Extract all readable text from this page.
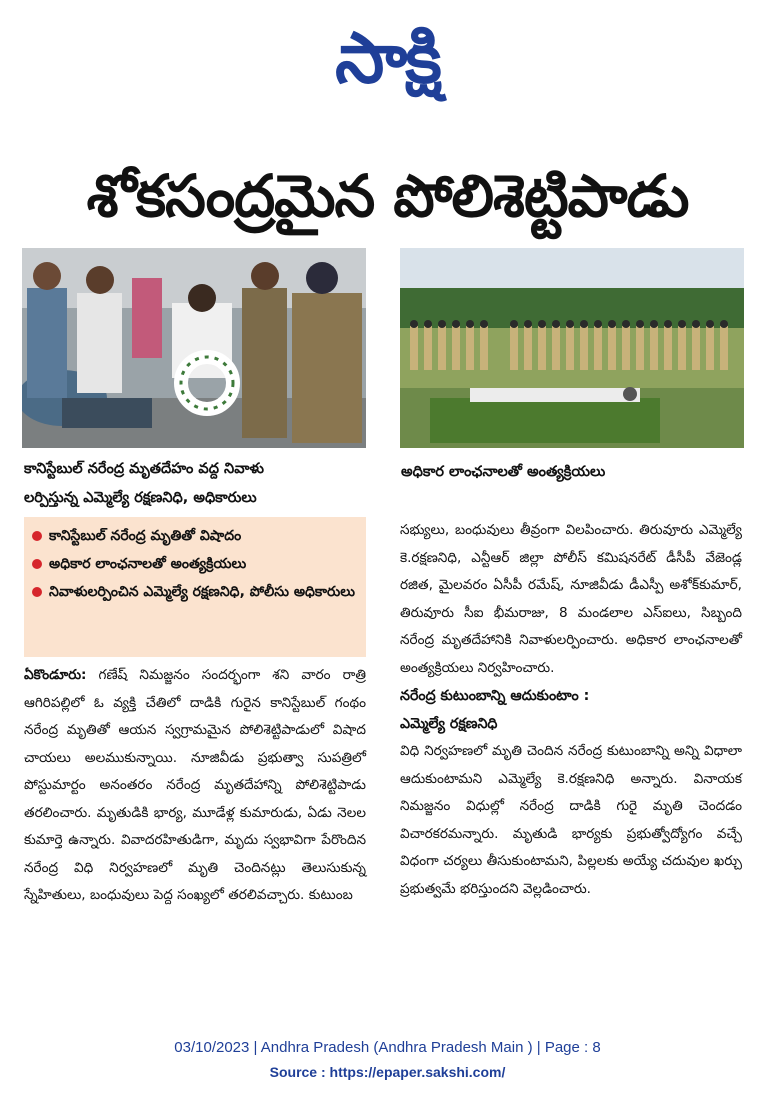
సాక్షి
శోకసంద్రమైన పోలిశెట్టిపాడు
కానిస్టేబుల్ నరేంద్ర మృతదేహం వద్ద నివాళు
లర్పిస్తున్న ఎమ్మెల్యే రక్షణనిధి, అధికారులు
అధికార లాంఛనాలతో అంత్యక్రియలు
కానిస్టేబుల్ నరేంద్ర మృతితో విషాదం
అధికార లాంఛనాలతో అంత్యక్రియలు
నివాళులర్పించిన ఎమ్మెల్యే రక్షణనిధి, పోలీసు అధికారులు
ఏకొండూరు: గణేష్ నిమజ్జనం సందర్భంగా శని వారం రాత్రి ఆగిరిపల్లిలో ఓ వ్యక్తి చేతిలో దాడికి గురైన కానిస్టేబుల్ గంథం నరేంద్ర మృతితో ఆయన స్వగ్రామమైన పోలిశెట్టిపాడులో విషాద చాయలు అలముకున్నాయి. నూజివీడు ప్రభుత్వా సుపత్రిలో పోస్టుమార్టం అనంతరం నరేంద్ర మృతదేహాన్ని పోలిశెట్టిపాడు తరలించారు. మృతుడికి భార్య, మూడేళ్ల కుమారుడు, ఏడు నెలల కుమార్తె ఉన్నారు. వివాదరహితుడిగా, మృదు స్వభావిగా పేరొందిన నరేంద్ర విధి నిర్వహణలో మృతి చెందినట్లు తెలుసుకున్న స్నేహితులు, బంధువులు పెద్ద సంఖ్యలో తరలివచ్చారు. కుటుంబ
సభ్యులు, బంధువులు తీవ్రంగా విలపించారు. తిరువూరు ఎమ్మెల్యే కె.రక్షణనిధి, ఎన్టీఆర్ జిల్లా పోలీస్ కమిషనరేట్ డీసీపీ వేజెండ్ల రజిత, మైలవరం ఏసీపీ రమేష్, నూజివీడు డీఎస్పీ అశోక్‌కుమార్, తిరువూరు సీఐ భీమరాజు, 8 మండలాల ఎస్ఐలు, సిబ్బంది నరేంద్ర మృతదేహానికి నివాళులర్పించారు. అధికార లాంఛనాలతో అంత్యక్రియలు నిర్వహించారు.
నరేంద్ర కుటుంబాన్ని ఆదుకుంటాం :
ఎమ్మెల్యే రక్షణనిధి
విధి నిర్వహణలో మృతి చెందిన నరేంద్ర కుటుంబాన్ని అన్ని విధాలా ఆదుకుంటామని ఎమ్మెల్యే కె.రక్షణనిధి అన్నారు. వినాయక నిమజ్జనం విధుల్లో నరేంద్ర దాడికి గురై మృతి చెందడం విచారకరమన్నారు. మృతుడి భార్యకు ప్రభుత్వోద్యోగం వచ్చే విధంగా చర్యలు తీసుకుంటామని, పిల్లలకు అయ్యే చదువుల ఖర్చు ప్రభుత్వమే భరిస్తుందని వెల్లడించారు.
03/10/2023 | Andhra Pradesh (Andhra Pradesh Main ) | Page : 8
Source : https://epaper.sakshi.com/
